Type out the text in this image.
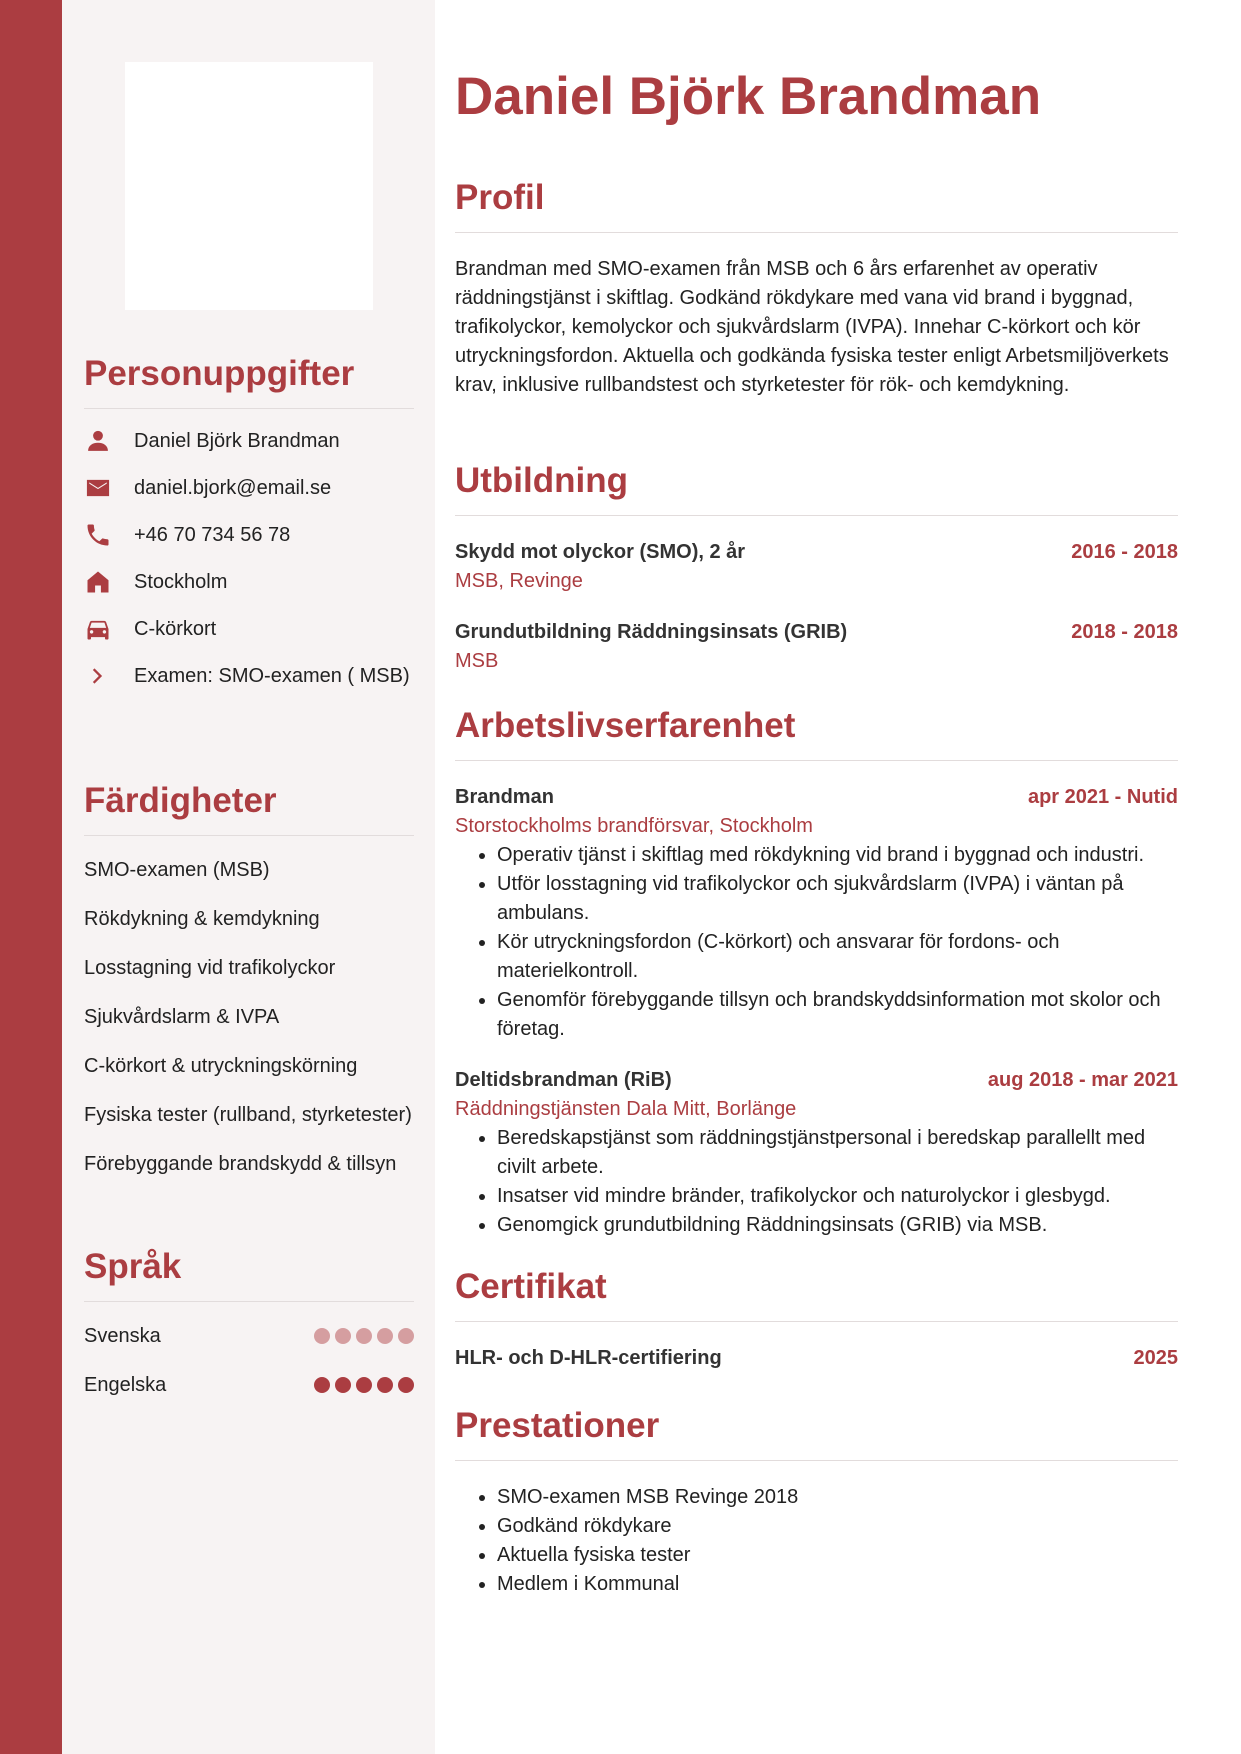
Personuppgifter
Daniel Björk Brandman
daniel.bjork@email.se
+46 70 734 56 78
Stockholm
C-körkort
Examen: SMO-examen ( MSB)
Färdigheter
SMO-examen (MSB)
Rökdykning & kemdykning
Losstagning vid trafikolyckor
Sjukvårdslarm & IVPA
C-körkort & utryckningskörning
Fysiska tester (rullband, styrketester)
Förebyggande brandskydd & tillsyn
Språk
Svenska
Engelska
Daniel Björk Brandman
Profil
Brandman med SMO-examen från MSB och 6 års erfarenhet av operativ räddningstjänst i skiftlag. Godkänd rökdykare med vana vid brand i byggnad, trafikolyckor, kemolyckor och sjukvårdslarm (IVPA). Innehar C-körkort och kör utryckningsfordon. Aktuella och godkända fysiska tester enligt Arbetsmiljöverkets krav, inklusive rullbandstest och styrketester för rök- och kemdykning.
Utbildning
Skydd mot olyckor (SMO), 2 år	2016 - 2018
MSB, Revinge
Grundutbildning Räddningsinsats (GRIB)	2018 - 2018
MSB
Arbetslivserfarenhet
Brandman	apr 2021 - Nutid
Storstockholms brandförsvar, Stockholm
• Operativ tjänst i skiftlag med rökdykning vid brand i byggnad och industri.
• Utför losstagning vid trafikolyckor och sjukvårdslarm (IVPA) i väntan på ambulans.
• Kör utryckningsfordon (C-körkort) och ansvarar för fordons- och materielkontroll.
• Genomför förebyggande tillsyn och brandskyddsinformation mot skolor och företag.
Deltidsbrandman (RiB)	aug 2018 - mar 2021
Räddningstjänsten Dala Mitt, Borlänge
• Beredskapstjänst som räddningstjänstpersonal i beredskap parallellt med civilt arbete.
• Insatser vid mindre bränder, trafikolyckor och naturolyckor i glesbygd.
• Genomgick grundutbildning Räddningsinsats (GRIB) via MSB.
Certifikat
HLR- och D-HLR-certifiering	2025
Prestationer
• SMO-examen MSB Revinge 2018
• Godkänd rökdykare
• Aktuella fysiska tester
• Medlem i Kommunal
